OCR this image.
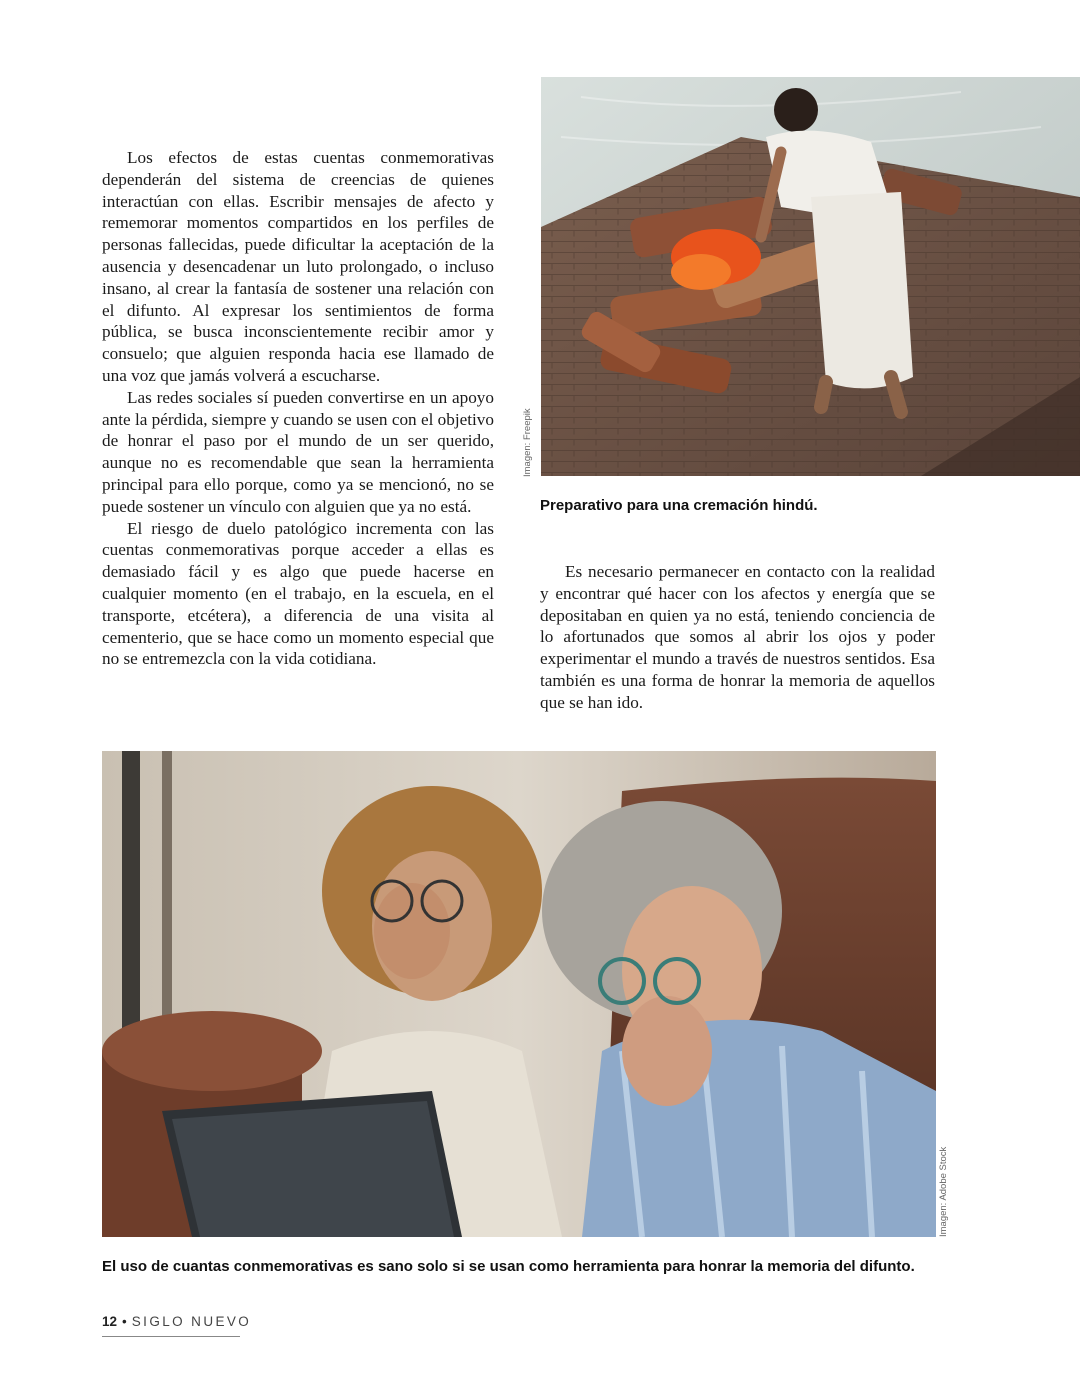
Los efectos de estas cuentas conmemorativas dependerán del sistema de creencias de quienes interactúan con ellas. Escribir mensajes de afecto y rememorar momentos compartidos en los perfiles de personas fallecidas, puede dificultar la aceptación de la ausencia y desencadenar un luto prolongado, o incluso insano, al crear la fantasía de sostener una relación con el difunto. Al expresar los sentimientos de forma pública, se busca inconscientemente recibir amor y consuelo; que alguien responda hacia ese llamado de una voz que jamás volverá a escucharse.

Las redes sociales sí pueden convertirse en un apoyo ante la pérdida, siempre y cuando se usen con el objetivo de honrar el paso por el mundo de un ser querido, aunque no es recomendable que sean la herramienta principal para ello porque, como ya se mencionó, no se puede sostener un vínculo con alguien que ya no está.

El riesgo de duelo patológico incrementa con las cuentas conmemorativas porque acceder a ellas es demasiado fácil y es algo que puede hacerse en cualquier momento (en el trabajo, en la escuela, en el transporte, etcétera), a diferencia de una visita al cementerio, que se hace como un momento especial que no se entremezcla con la vida cotidiana.

Imagen: Freepik

Preparativo para una cremación hindú.

Es necesario permanecer en contacto con la realidad y encontrar qué hacer con los afectos y energía que se depositaban en quien ya no está, teniendo conciencia de lo afortunados que somos al abrir los ojos y poder experimentar el mundo a través de nuestros sentidos. Esa también es una forma de honrar la memoria de aquellos que se han ido.

Imagen: Adobe Stock

El uso de cuantas conmemorativas es sano solo si se usan como herramienta para honrar la memoria del difunto.

12 • SIGLO NUEVO
